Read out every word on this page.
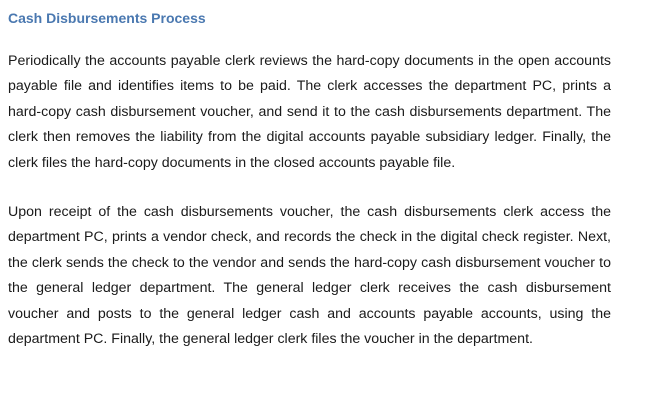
Cash Disbursements Process

Periodically the accounts payable clerk reviews the hard-copy documents in the open accounts payable file and identifies items to be paid. The clerk accesses the department PC, prints a hard-copy cash disbursement voucher, and send it to the cash disbursements department. The clerk then removes the liability from the digital accounts payable subsidiary ledger. Finally, the clerk files the hard-copy documents in the closed accounts payable file.

Upon receipt of the cash disbursements voucher, the cash disbursements clerk access the department PC, prints a vendor check, and records the check in the digital check register. Next, the clerk sends the check to the vendor and sends the hard-copy cash disbursement voucher to the general ledger department. The general ledger clerk receives the cash disbursement voucher and posts to the general ledger cash and accounts payable accounts, using the department PC. Finally, the general ledger clerk files the voucher in the department.
